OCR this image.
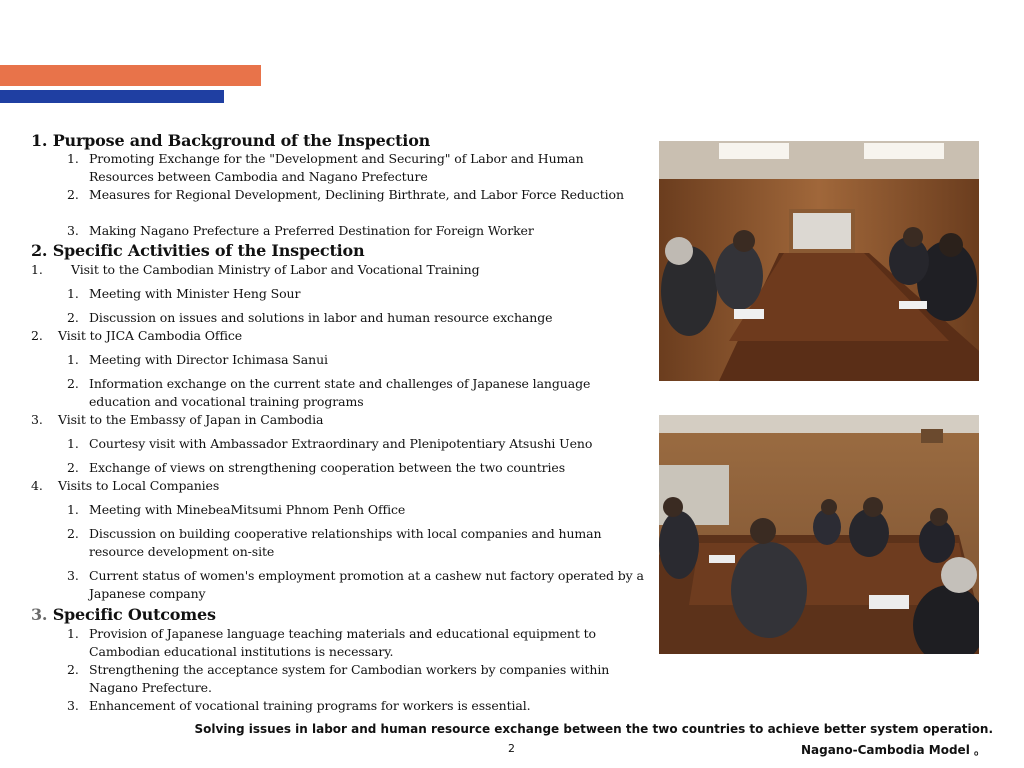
1. Purpose and Background of the Inspection
1. Promoting Exchange for the "Development and Securing" of Labor and Human Resources between Cambodia and Nagano Prefecture
2. Measures for Regional Development, Declining Birthrate, and Labor Force Reduction
3. Making Nagano Prefecture a Preferred Destination for Foreign Worker
2. Specific Activities of the Inspection
1. Visit to the Cambodian Ministry of Labor and Vocational Training
1. Meeting with Minister Heng Sour
2. Discussion on issues and solutions in labor and human resource exchange
2. Visit to JICA Cambodia Office
1. Meeting with Director Ichimasa Sanui
2. Information exchange on the current state and challenges of Japanese language education and vocational training programs
3. Visit to the Embassy of Japan in Cambodia
1. Courtesy visit with Ambassador Extraordinary and Plenipotentiary Atsushi Ueno
2. Exchange of views on strengthening cooperation between the two countries
4. Visits to Local Companies
1. Meeting with MinebeaMitsumi Phnom Penh Office
2. Discussion on building cooperative relationships with local companies and human resource development on-site
3. Current status of women's employment promotion at a cashew nut factory operated by a Japanese company
3. Specific Outcomes
1. Provision of Japanese language teaching materials and educational equipment to Cambodian educational institutions is necessary.
2. Strengthening the acceptance system for Cambodian workers by companies within Nagano Prefecture.
3. Enhancement of vocational training programs for workers is essential.
Solving issues in labor and human resource exchange between the two countries to achieve better system operation.
Nagano-Cambodia Model 。
2
